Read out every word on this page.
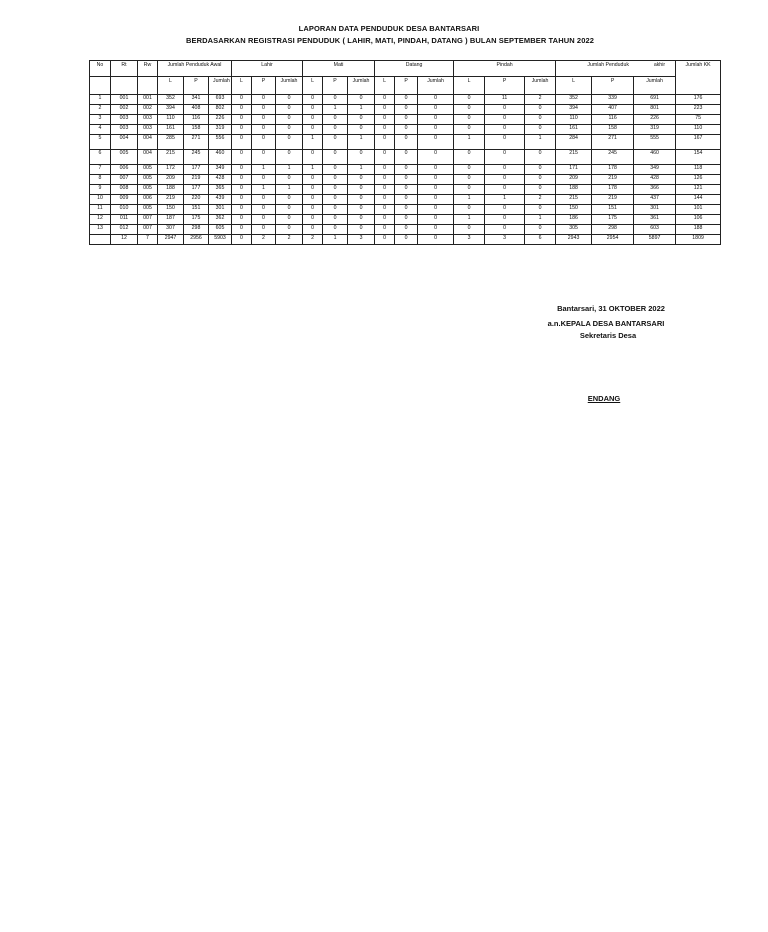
LAPORAN DATA PENDUDUK DESA BANTARSARI
BERDASARKAN REGISTRASI PENDUDUK ( LAHIR, MATI, PINDAH, DATANG ) BULAN SEPTEMBER TAHUN 2022
No	Rt	Rw	Jumlah Penduduk Awal			Lahir			Mati			Datang			Pindah			Jumlah Penduduk akhir			Jumlah KK
			L	P	Jumlah	L	P	Jumlah	L	P	Jumlah	L	P	Jumlah	L	P	Jumlah	L	P	Jumlah	
1	001	001	352	341	693	0	0	0	0	0	0	0	0	0	0	11	2	352	339	691	176
2	002	002	394	408	802	0	0	0	0	1	1	0	0	0	0	0	0	394	407	801	223
3	003	003	110	116	226	0	0	0	0	0	0	0	0	0	0	0	0	110	116	226	75
4	003	003	161	158	319	0	0	0	0	0	0	0	0	0	0	0	0	161	158	319	110
5	004	004	285	271	556	0	0	0	1	0	1	0	0	0	1	0	1	284	271	555	167
6	005	004	215	245	460	0	0	0	0	0	0	0	0	0	0	0	0	215	245	460	154
7	006	005	172	177	349	0	1	1	1	0	1	0	0	0	0	0	0	171	178	349	118
8	007	005	209	219	428	0	0	0	0	0	0	0	0	0	0	0	0	209	219	428	126
9	008	005	188	177	365	0	1	1	0	0	0	0	0	0	0	0	0	188	178	366	121
10	009	006	219	220	439	0	0	0	0	0	0	0	0	0	1	1	2	215	219	437	144
11	010	005	150	151	301	0	0	0	0	0	0	0	0	0	0	0	0	150	151	301	101
12	011	007	187	175	362	0	0	0	0	0	0	0	0	0	1	0	1	186	175	361	106
13	012	007	307	298	605	0	0	0	0	0	0	0	0	0	0	0	0	305	298	603	188
	12	7	2947	2956	5903	0	2	2	2	1	3	0	0	0	3	3	6	2943	2954	5897	1809
Bantarsari, 31 OKTOBER 2022
a.n.KEPALA DESA BANTARSARI
Sekretaris Desa
ENDANG
